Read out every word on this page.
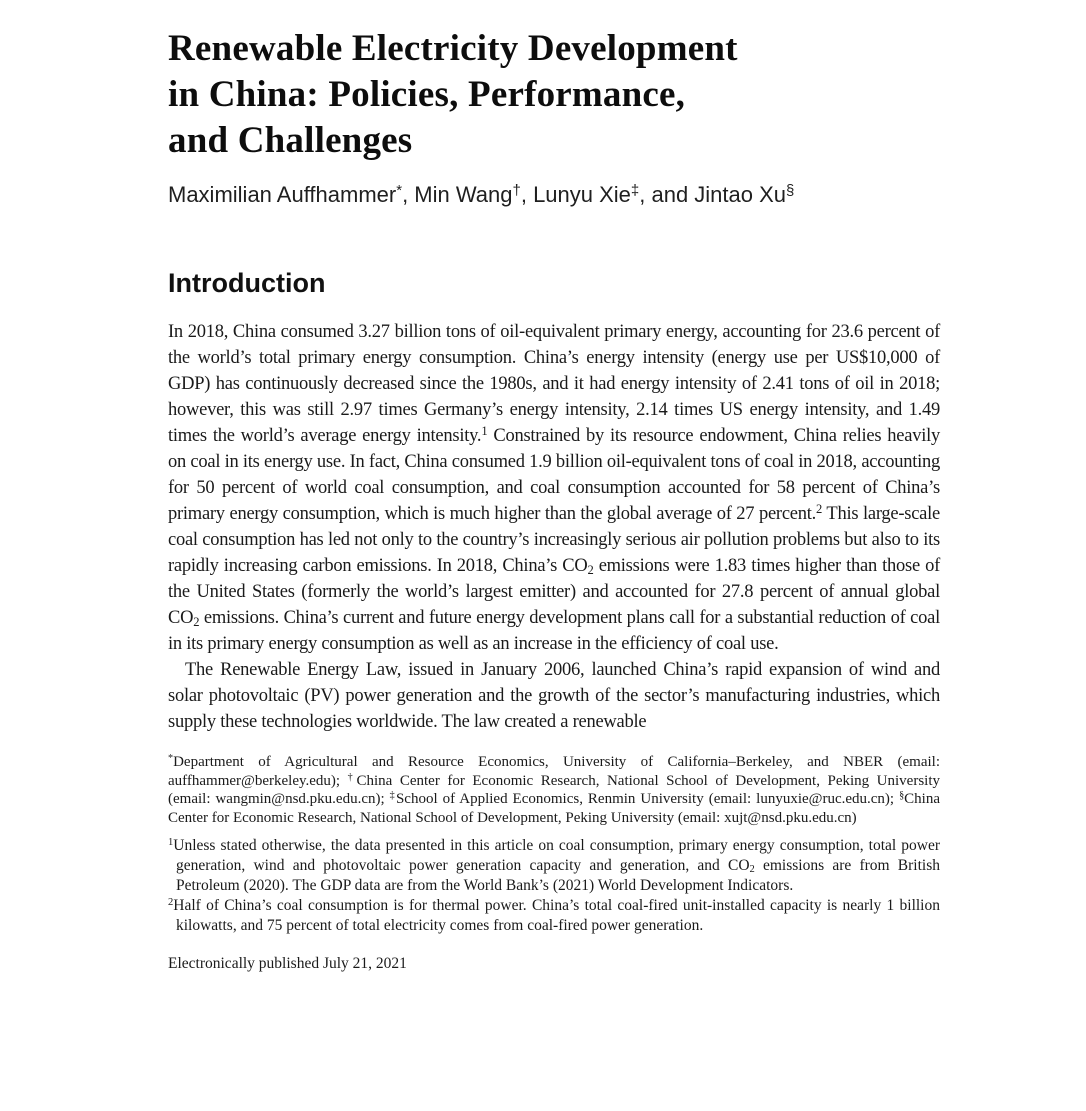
Renewable Electricity Development
in China: Policies, Performance,
and Challenges

Maximilian Auffhammer*, Min Wang†, Lunyu Xie‡, and Jintao Xu§

Introduction

In 2018, China consumed 3.27 billion tons of oil-equivalent primary energy, accounting for 23.6 percent of the world’s total primary energy consumption. China’s energy intensity (energy use per US$10,000 of GDP) has continuously decreased since the 1980s, and it had energy intensity of 2.41 tons of oil in 2018; however, this was still 2.97 times Germany’s energy intensity, 2.14 times US energy intensity, and 1.49 times the world’s average energy intensity.$^1$ Constrained by its resource endowment, China relies heavily on coal in its energy use. In fact, China consumed 1.9 billion oil-equivalent tons of coal in 2018, accounting for 50 percent of world coal consumption, and coal consumption accounted for 58 percent of China’s primary energy consumption, which is much higher than the global average of 27 percent.$^2$ This large-scale coal consumption has led not only to the country’s increasingly serious air pollution problems but also to its rapidly increasing carbon emissions. In 2018, China’s $CO_2$ emissions were 1.83 times higher than those of the United States (formerly the world’s largest emitter) and accounted for 27.8 percent of annual global $CO_2$ emissions. China’s current and future energy development plans call for a substantial reduction of coal in its primary energy consumption as well as an increase in the efficiency of coal use.

The Renewable Energy Law, issued in January 2006, launched China’s rapid expansion of wind and solar photovoltaic (PV) power generation and the growth of the sector’s manufacturing industries, which supply these technologies worldwide. The law created a renewable

*Department of Agricultural and Resource Economics, University of California–Berkeley, and NBER (email: auffhammer@berkeley.edu); †China Center for Economic Research, National School of Development, Peking University (email: wangmin@nsd.pku.edu.cn); ‡School of Applied Economics, Renmin University (email: lunyuxie@ruc.edu.cn); §China Center for Economic Research, National School of Development, Peking University (email: xujt@nsd.pku.edu.cn)

$^1$Unless stated otherwise, the data presented in this article on coal consumption, primary energy consumption, total power generation, wind and photovoltaic power generation capacity and generation, and $CO_2$ emissions are from British Petroleum (2020). The GDP data are from the World Bank’s (2021) World Development Indicators.

$^2$Half of China’s coal consumption is for thermal power. China’s total coal-fired unit-installed capacity is nearly 1 billion kilowatts, and 75 percent of total electricity comes from coal-fired power generation.

Electronically published July 21, 2021
